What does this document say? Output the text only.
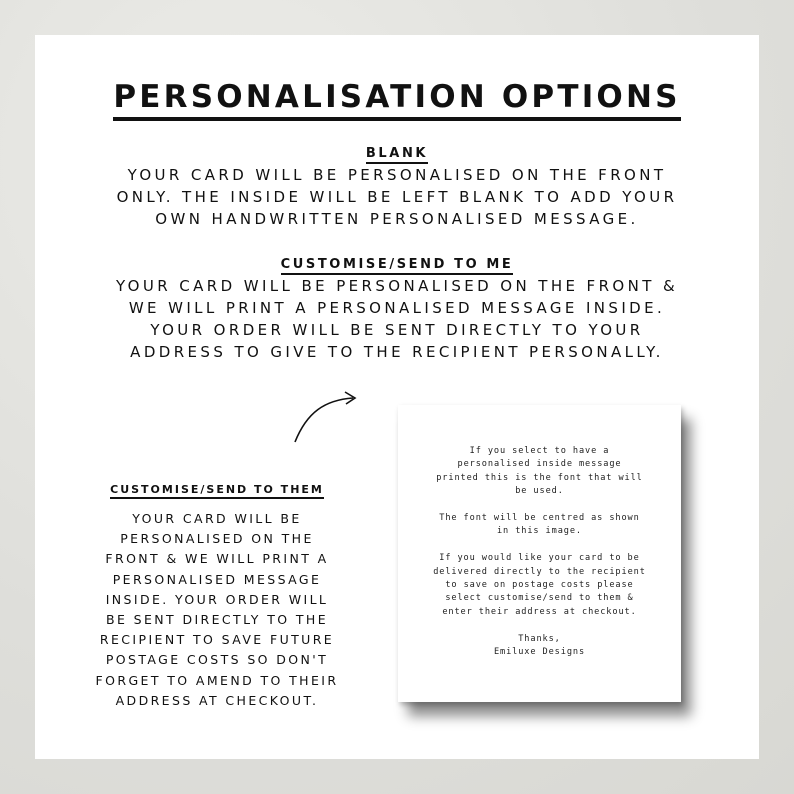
PERSONALISATION OPTIONS
BLANK
YOUR CARD WILL BE PERSONALISED ON THE FRONT
ONLY. THE INSIDE WILL BE LEFT BLANK TO ADD YOUR
OWN HANDWRITTEN PERSONALISED MESSAGE.
CUSTOMISE/SEND TO ME
YOUR CARD WILL BE PERSONALISED ON THE FRONT &
WE WILL PRINT A PERSONALISED MESSAGE INSIDE.
YOUR ORDER WILL BE SENT DIRECTLY TO YOUR
ADDRESS TO GIVE TO THE RECIPIENT PERSONALLY.
CUSTOMISE/SEND TO THEM
YOUR CARD WILL BE
PERSONALISED ON THE
FRONT & WE WILL PRINT A
PERSONALISED MESSAGE
INSIDE. YOUR ORDER WILL
BE SENT DIRECTLY TO THE
RECIPIENT TO SAVE FUTURE
POSTAGE COSTS SO DON'T
FORGET TO AMEND TO THEIR
ADDRESS AT CHECKOUT.

If you select to have a
personalised inside message
printed this is the font that will
be used.

The font will be centred as shown
in this image.

If you would like your card to be
delivered directly to the recipient
to save on postage costs please
select customise/send to them &
enter their address at checkout.

Thanks,
Emiluxe Designs
